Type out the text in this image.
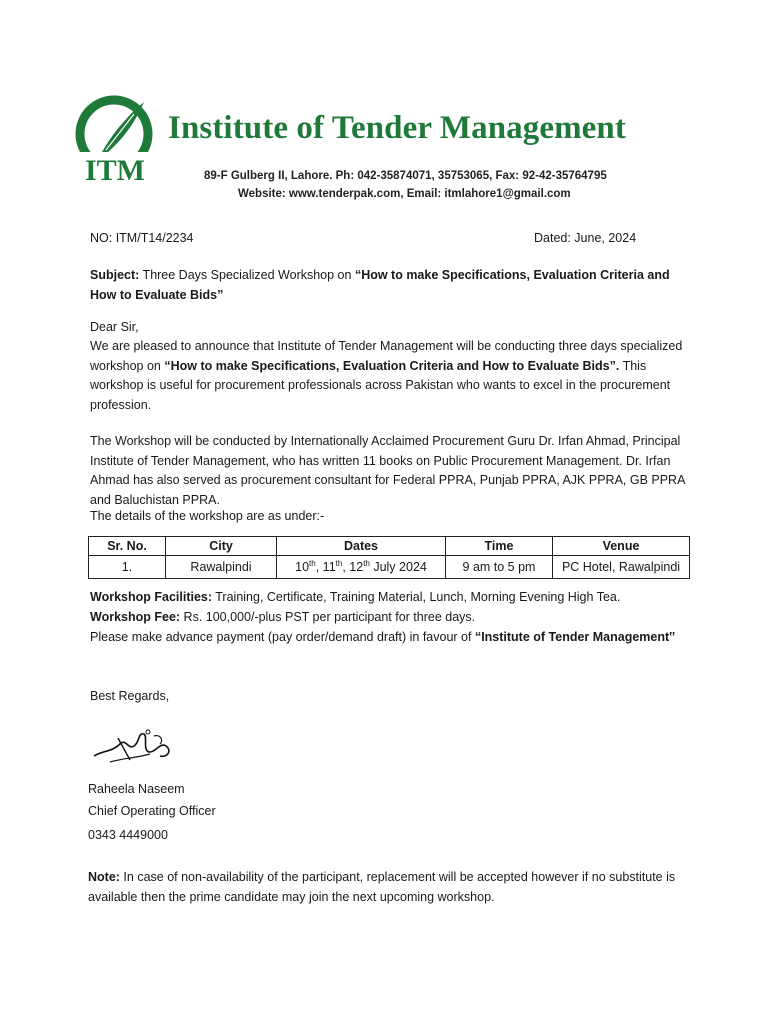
ITM
Institute of Tender Management
89-F Gulberg II, Lahore. Ph: 042-35874071, 35753065, Fax: 92-42-35764795
Website: www.tenderpak.com, Email: itmlahore1@gmail.com
NO: ITM/T14/2234	Dated: June, 2024
Subject: Three Days Specialized Workshop on “How to make Specifications, Evaluation Criteria and How to Evaluate Bids”
Dear Sir,
We are pleased to announce that Institute of Tender Management will be conducting three days specialized workshop on “How to make Specifications, Evaluation Criteria and How to Evaluate Bids”. This workshop is useful for procurement professionals across Pakistan who wants to excel in the procurement profession.
The Workshop will be conducted by Internationally Acclaimed Procurement Guru Dr. Irfan Ahmad, Principal Institute of Tender Management, who has written 11 books on Public Procurement Management. Dr. Irfan Ahmad has also served as procurement consultant for Federal PPRA, Punjab PPRA, AJK PPRA, GB PPRA and Baluchistan PPRA.
The details of the workshop are as under:-
Sr. No.	City	Dates	Time	Venue
1.	Rawalpindi	10th, 11th, 12th July 2024	9 am to 5 pm	PC Hotel, Rawalpindi
Workshop Facilities: Training, Certificate, Training Material, Lunch, Morning Evening High Tea.
Workshop Fee: Rs. 100,000/-plus PST per participant for three days.
Please make advance payment (pay order/demand draft) in favour of “Institute of Tender Management‟
Best Regards,
Raheela Naseem
Chief Operating Officer
0343 4449000
Note: In case of non-availability of the participant, replacement will be accepted however if no substitute is available then the prime candidate may join the next upcoming workshop.
